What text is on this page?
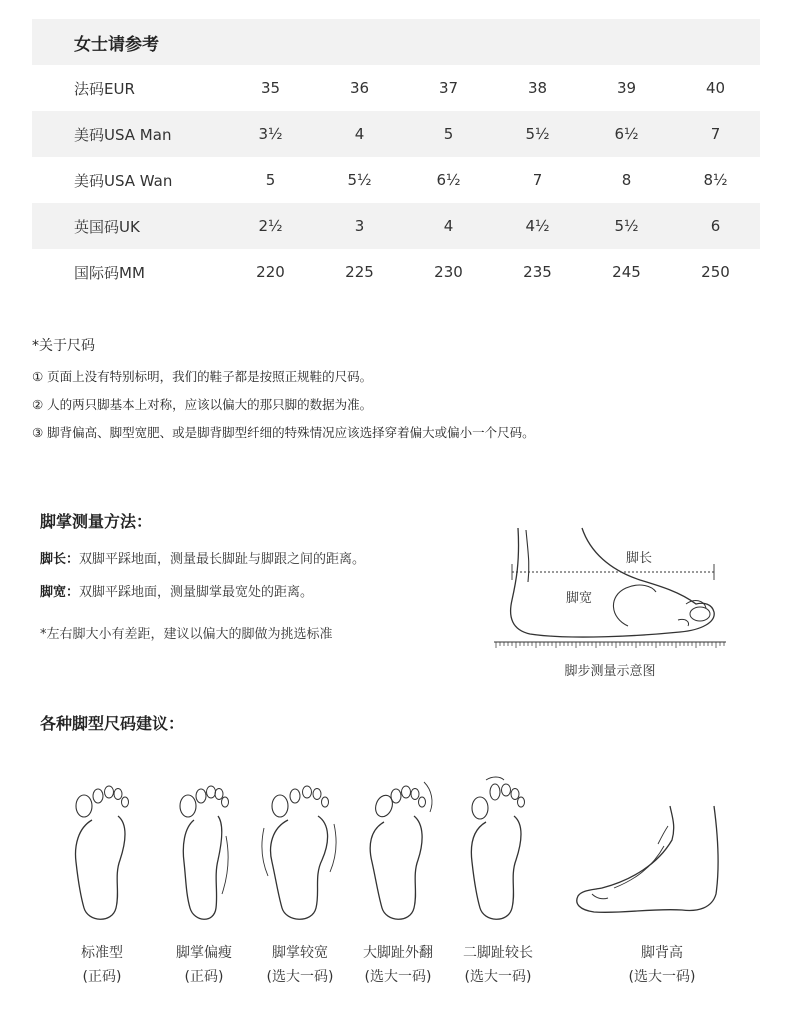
女士请参考
法码EUR	35	36	37	38	39	40
美码USA Man	3½	4	5	5½	6½	7
美码USA Wan	5	5½	6½	7	8	8½
英国码UK	2½	3	4	4½	5½	6
国际码MM	220	225	230	235	245	250
*关于尺码
① 页面上没有特别标明，我们的鞋子都是按照正规鞋的尺码。
② 人的两只脚基本上对称，应该以偏大的那只脚的数据为准。
③ 脚背偏高、脚型宽肥、或是脚背脚型纤细的特殊情况应该选择穿着偏大或偏小一个尺码。
脚掌测量方法：
脚长：双脚平踩地面，测量最长脚趾与脚跟之间的距离。
脚宽：双脚平踩地面，测量脚掌最宽处的距离。
*左右脚大小有差距，建议以偏大的脚做为挑选标准
脚长
脚宽
脚步测量示意图
各种脚型尺码建议：
标准型
(正码)
脚掌偏瘦
(正码)
脚掌较宽
(选大一码)
大脚趾外翻
(选大一码)
二脚趾较长
(选大一码)
脚背高
(选大一码)
